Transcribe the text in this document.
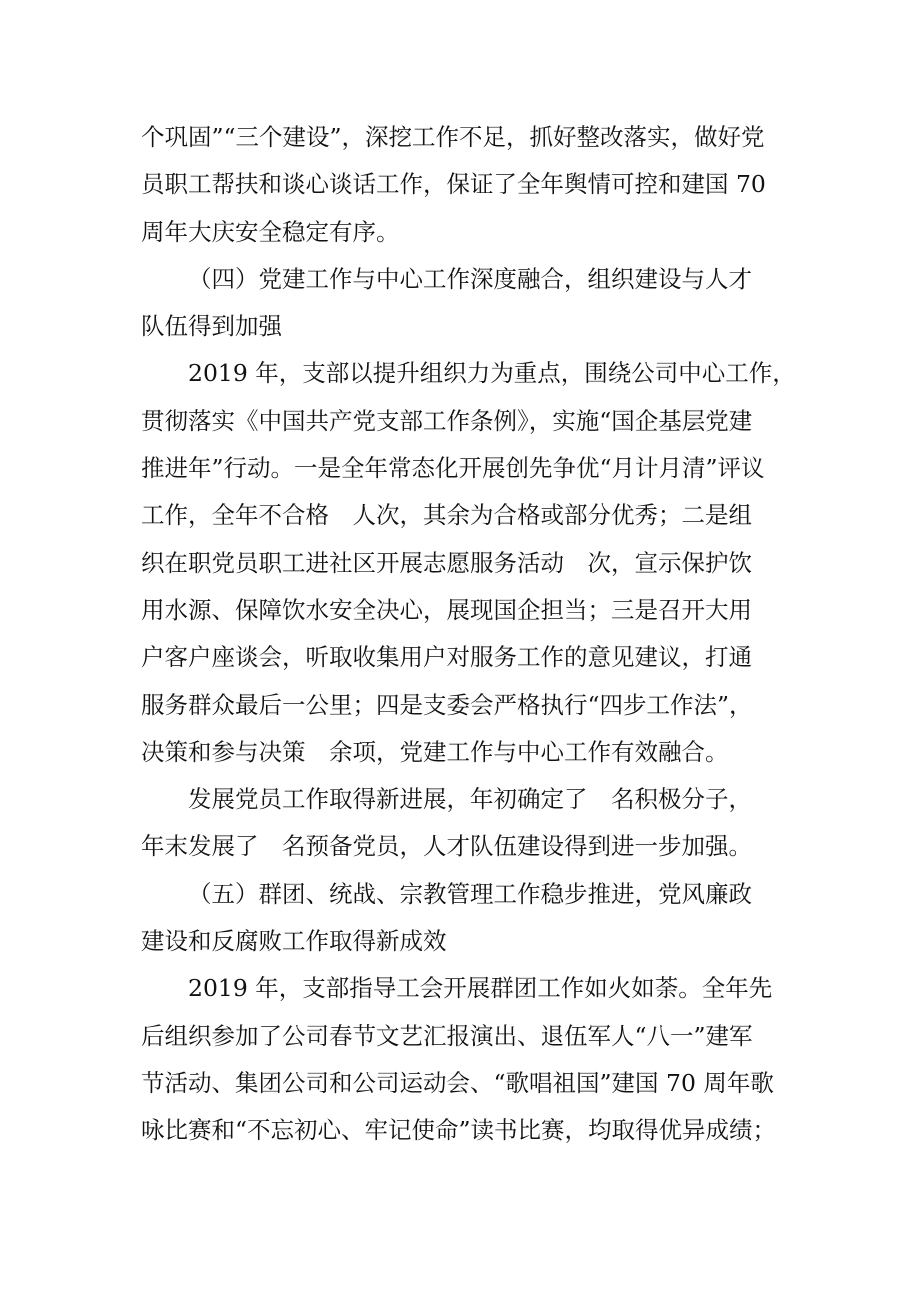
个巩固”“三个建设”，深挖工作不足，抓好整改落实，做好党
员职工帮扶和谈心谈话工作，保证了全年舆情可控和建国 70
周年大庆安全稳定有序。
（四）党建工作与中心工作深度融合，组织建设与人才
队伍得到加强
2019 年，支部以提升组织力为重点，围绕公司中心工作，
贯彻落实《中国共产党支部工作条例》，实施“国企基层党建
推进年”行动。一是全年常态化开展创先争优“月计月清”评议
工作，全年不合格　人次，其余为合格或部分优秀；二是组
织在职党员职工进社区开展志愿服务活动　次，宣示保护饮
用水源、保障饮水安全决心，展现国企担当；三是召开大用
户客户座谈会，听取收集用户对服务工作的意见建议，打通
服务群众最后一公里；四是支委会严格执行“四步工作法”，
决策和参与决策　余项，党建工作与中心工作有效融合。
发展党员工作取得新进展，年初确定了　名积极分子，
年末发展了　名预备党员，人才队伍建设得到进一步加强。
（五）群团、统战、宗教管理工作稳步推进，党风廉政
建设和反腐败工作取得新成效
2019 年，支部指导工会开展群团工作如火如荼。全年先
后组织参加了公司春节文艺汇报演出、退伍军人“八一”建军
节活动、集团公司和公司运动会、“歌唱祖国”建国 70 周年歌
咏比赛和“不忘初心、牢记使命”读书比赛，均取得优异成绩；
